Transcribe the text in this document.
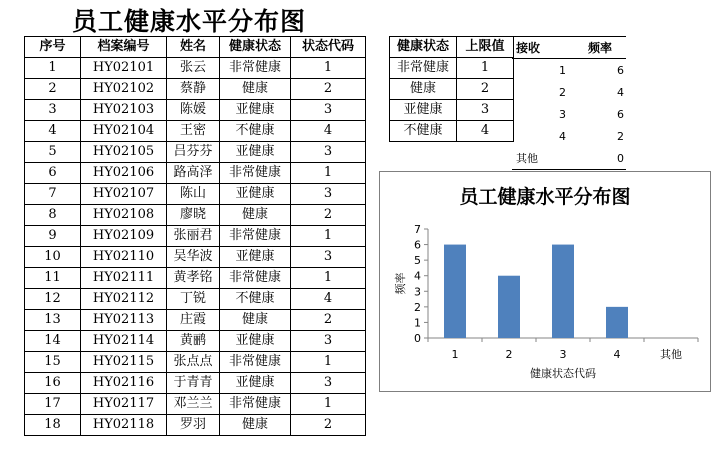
员工健康水平分布图
序号	档案编号	姓名	健康状态	状态代码
1	HY02101	张云	非常健康	1
2	HY02102	蔡静	健康	2
3	HY02103	陈媛	亚健康	3
4	HY02104	王密	不健康	4
5	HY02105	吕芬芬	亚健康	3
6	HY02106	路高泽	非常健康	1
7	HY02107	陈山	亚健康	3
8	HY02108	廖晓	健康	2
9	HY02109	张丽君	非常健康	1
10	HY02110	吴华波	亚健康	3
11	HY02111	黄孝铭	非常健康	1
12	HY02112	丁锐	不健康	4
13	HY02113	庄霞	健康	2
14	HY02114	黄鹂	亚健康	3
15	HY02115	张点点	非常健康	1
16	HY02116	于青青	亚健康	3
17	HY02117	邓兰兰	非常健康	1
18	HY02118	罗羽	健康	2
健康状态	上限值
非常健康	1
健康	2
亚健康	3
不健康	4
接收	频率
1	6
2	4
3	6
4	2
其他	0
员工健康水平分布图
0
1
2
3
4
5
6
7
1	2	3	4	其他
健康状态代码
频率
